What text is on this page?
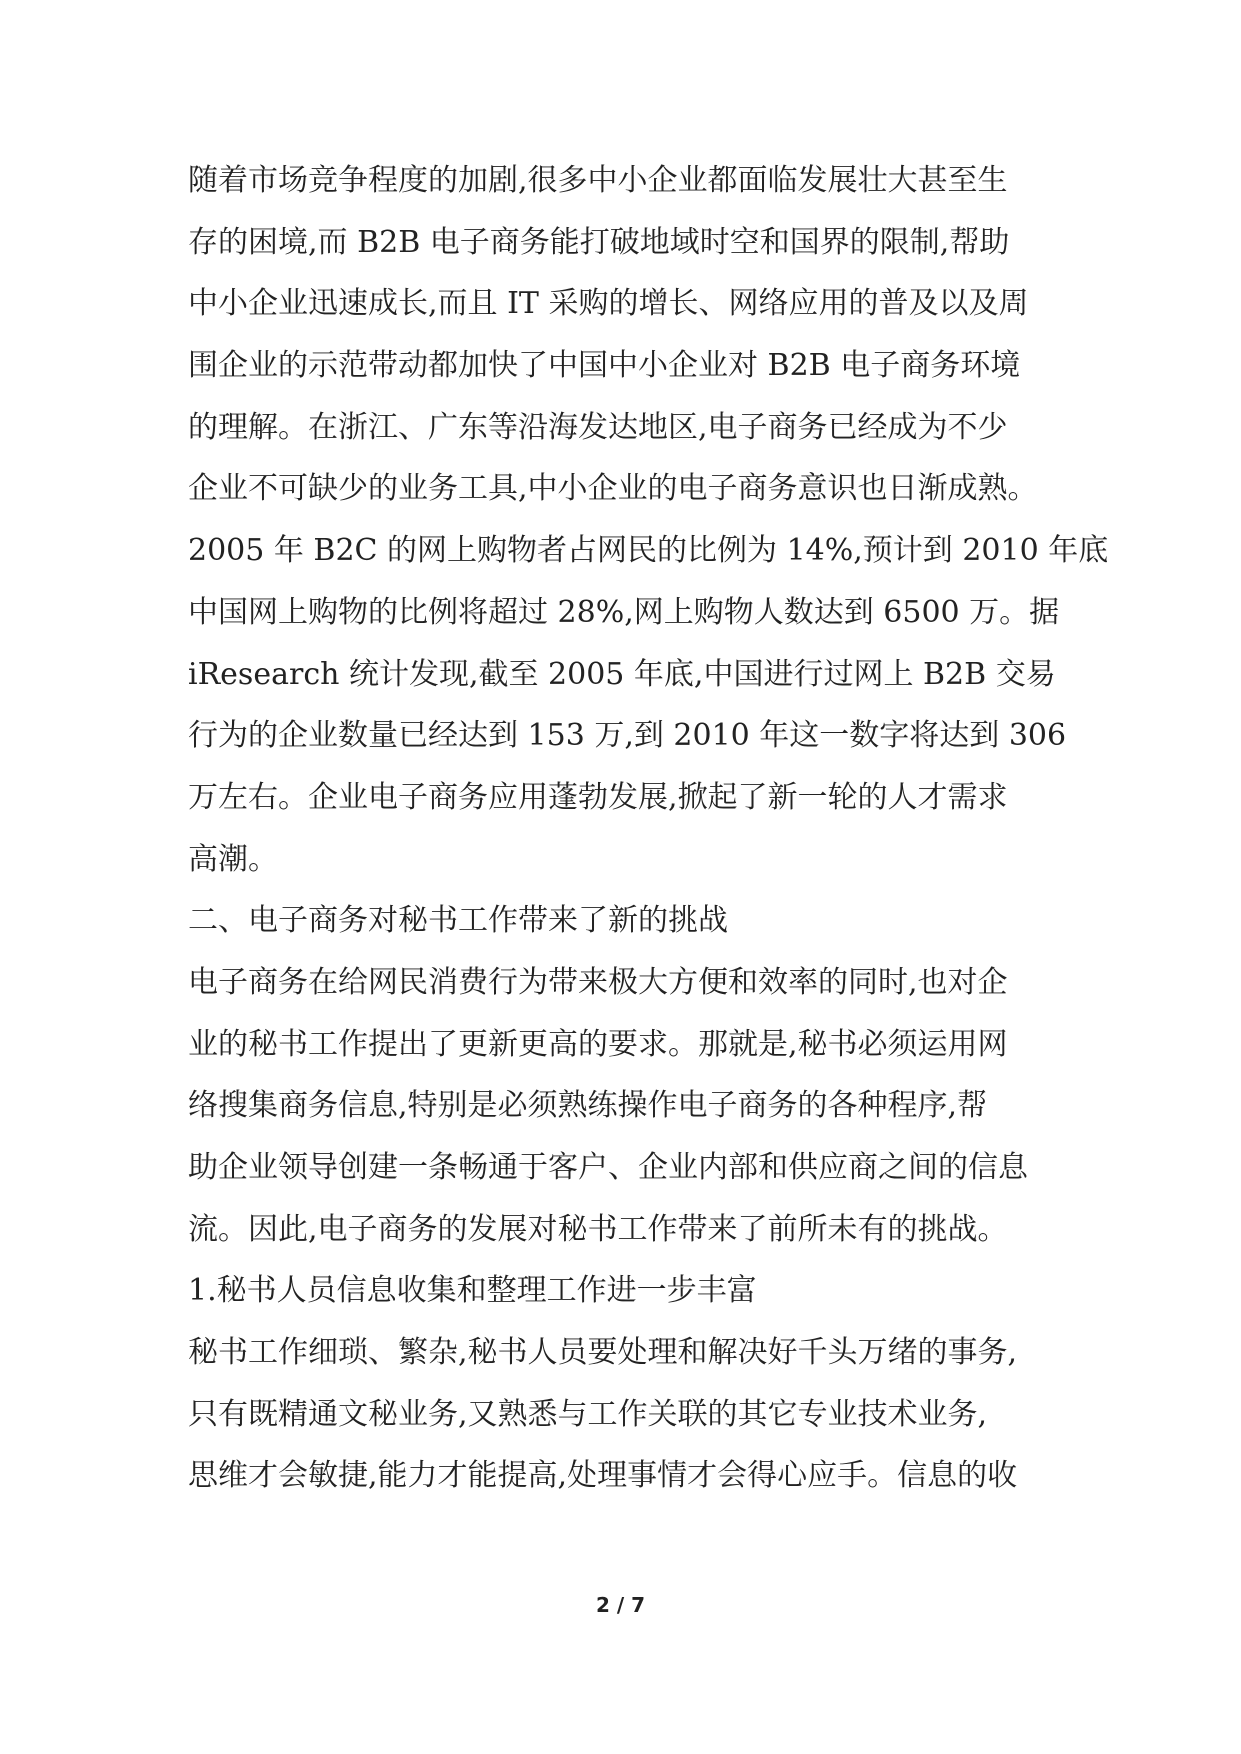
随着市场竞争程度的加剧,很多中小企业都面临发展壮大甚至生
存的困境,而 B2B 电子商务能打破地域时空和国界的限制,帮助
中小企业迅速成长,而且 IT 采购的增长、网络应用的普及以及周
围企业的示范带动都加快了中国中小企业对 B2B 电子商务环境
的理解。在浙江、广东等沿海发达地区,电子商务已经成为不少
企业不可缺少的业务工具,中小企业的电子商务意识也日渐成熟。
2005 年 B2C 的网上购物者占网民的比例为 14%,预计到 2010 年底
中国网上购物的比例将超过 28%,网上购物人数达到 6500 万。据
iResearch 统计发现,截至 2005 年底,中国进行过网上 B2B 交易
行为的企业数量已经达到 153 万,到 2010 年这一数字将达到 306
万左右。企业电子商务应用蓬勃发展,掀起了新一轮的人才需求
高潮。
二、电子商务对秘书工作带来了新的挑战
电子商务在给网民消费行为带来极大方便和效率的同时,也对企
业的秘书工作提出了更新更高的要求。那就是,秘书必须运用网
络搜集商务信息,特别是必须熟练操作电子商务的各种程序,帮
助企业领导创建一条畅通于客户、企业内部和供应商之间的信息
流。因此,电子商务的发展对秘书工作带来了前所未有的挑战。
1.秘书人员信息收集和整理工作进一步丰富
秘书工作细琐、繁杂,秘书人员要处理和解决好千头万绪的事务,
只有既精通文秘业务,又熟悉与工作关联的其它专业技术业务,
思维才会敏捷,能力才能提高,处理事情才会得心应手。信息的收
2 / 7
